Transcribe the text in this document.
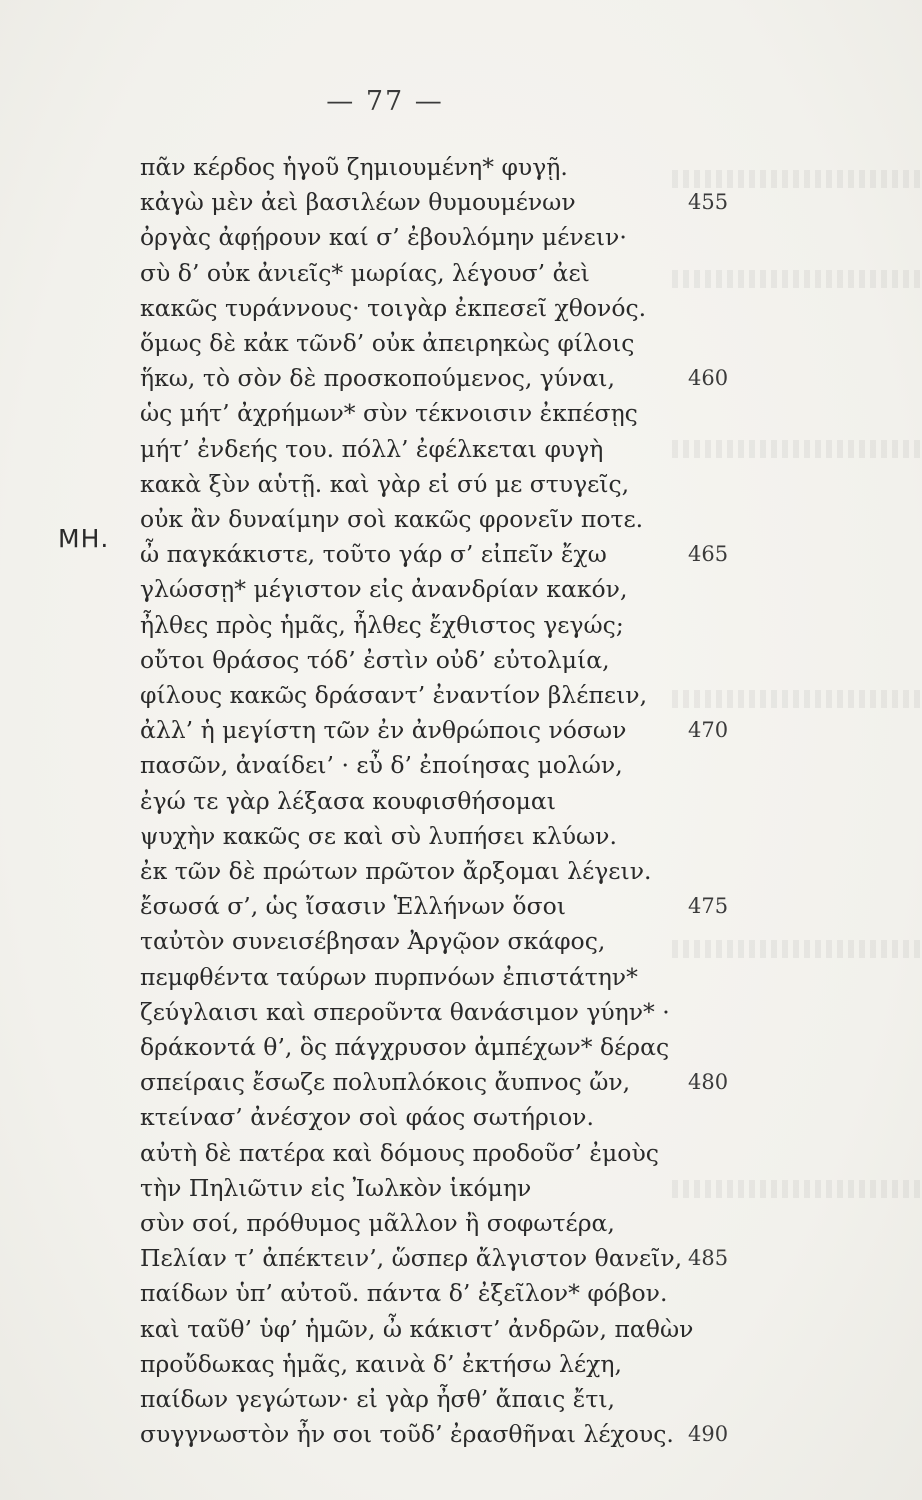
— 77 —
ΜΗ.
πᾶν κέρδος ἡγοῦ ζημιουμένη* φυγῇ.
κἀγὼ μὲν ἀεὶ βασιλέων θυμουμένων
ὀργὰς ἀφῄρουν καί σ’ ἐβουλόμην μένειν·
σὺ δ’ οὐκ ἀνιεῖς* μωρίας, λέγουσ’ ἀεὶ
κακῶς τυράννους· τοιγὰρ ἐκπεσεῖ χθονός.
ὅμως δὲ κἀκ τῶνδ’ οὐκ ἀπειρηκὼς φίλοις
ἥκω, τὸ σὸν δὲ προσκοπούμενος, γύναι,
ὡς μήτ’ ἀχρήμων* σὺν τέκνοισιν ἐκπέσῃς
μήτ’ ἐνδεής του. πόλλ’ ἐφέλκεται φυγὴ
κακὰ ξὺν αὑτῇ. καὶ γὰρ εἰ σύ με στυγεῖς,
οὐκ ἂν δυναίμην σοὶ κακῶς φρονεῖν ποτε.
ὦ παγκάκιστε, τοῦτο γάρ σ’ εἰπεῖν ἔχω
γλώσσῃ* μέγιστον εἰς ἀνανδρίαν κακόν,
ἦλθες πρὸς ἡμᾶς, ἦλθες ἔχθιστος γεγώς;
οὔτοι θράσος τόδ’ ἐστὶν οὐδ’ εὐτολμία,
φίλους κακῶς δράσαντ’ ἐναντίον βλέπειν,
ἀλλ’ ἡ μεγίστη τῶν ἐν ἀνθρώποις νόσων
πασῶν, ἀναίδει’ · εὖ δ’ ἐποίησας μολών,
ἐγώ τε γὰρ λέξασα κουφισθήσομαι
ψυχὴν κακῶς σε καὶ σὺ λυπήσει κλύων.
ἐκ τῶν δὲ πρώτων πρῶτον ἄρξομαι λέγειν.
ἔσωσά σ’, ὡς ἴσασιν Ἑλλήνων ὅσοι
ταὐτὸν συνεισέβησαν Ἀργῷον σκάφος,
πεμφθέντα ταύρων πυρπνόων ἐπιστάτην*
ζεύγλαισι καὶ σπεροῦντα θανάσιμον γύην* ·
δράκοντά θ’, ὃς πάγχρυσον ἀμπέχων* δέρας
σπείραις ἔσωζε πολυπλόκοις ἄυπνος ὤν,
κτείνασ’ ἀνέσχον σοὶ φάος σωτήριον.
αὐτὴ δὲ πατέρα καὶ δόμους προδοῦσ’ ἐμοὺς
τὴν Πηλιῶτιν εἰς Ἰωλκὸν ἱκόμην
σὺν σοί, πρόθυμος μᾶλλον ἢ σοφωτέρα,
Πελίαν τ’ ἀπέκτειν’, ὥσπερ ἄλγιστον θανεῖν,
παίδων ὑπ’ αὐτοῦ. πάντα δ’ ἐξεῖλον* φόβον.
καὶ ταῦθ’ ὑφ’ ἡμῶν, ὦ κάκιστ’ ἀνδρῶν, παθὼν
προὔδωκας ἡμᾶς, καινὰ δ’ ἐκτήσω λέχη,
παίδων γεγώτων· εἰ γὰρ ἦσθ’ ἄπαις ἔτι,
συγγνωστὸν ἦν σοι τοῦδ’ ἐρασθῆναι λέχους.
455
460
465
470
475
480
485
490
